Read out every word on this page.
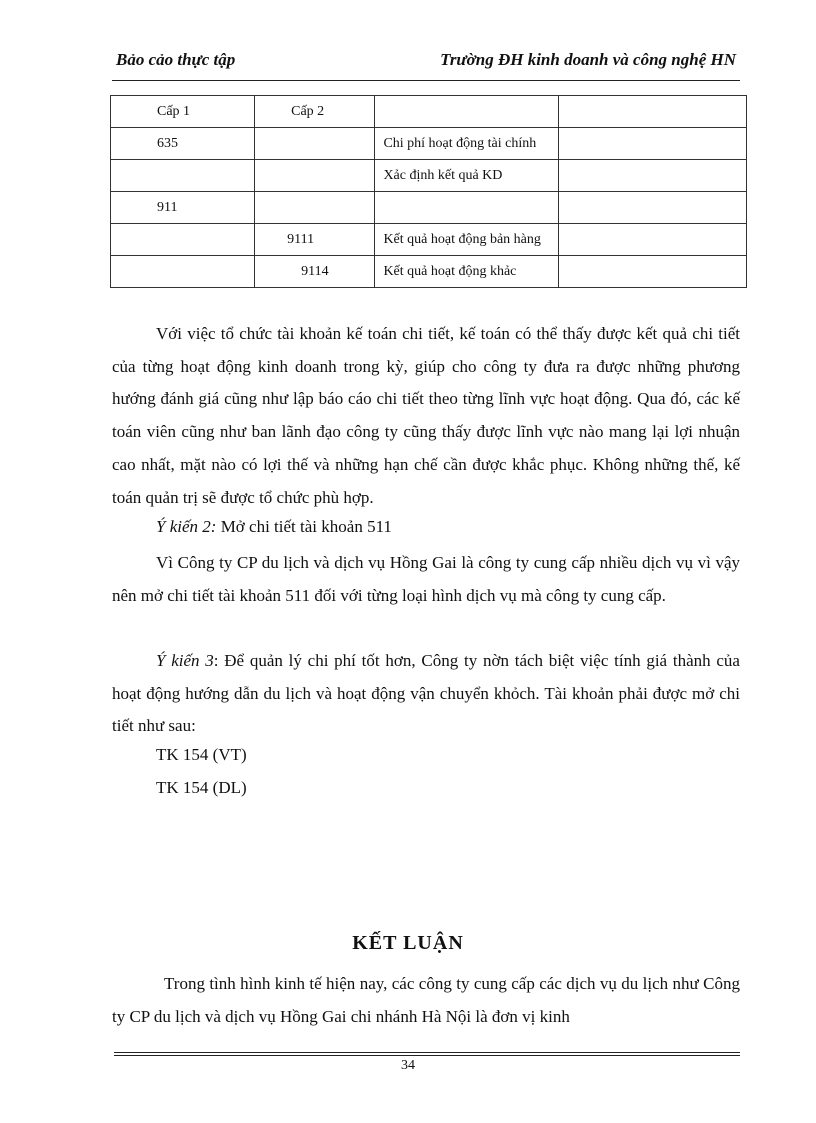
Bảo cảo thực tập	Trường ĐH kinh doanh và công nghệ HN
Cấp 1	Cấp 2		
635		Chi phí hoạt động tài chính	
		Xảc định kết quả KD	
911			
	9111	Kết quả hoạt động bản hàng	
	9114	Kết quả hoạt động khảc	

Với việc tổ chức tài khoản kế toán chi tiết, kế toán có thể thấy được kết quả chi tiết của từng hoạt động kinh doanh trong kỳ, giúp cho công ty đưa ra được những phương hướng đánh giá cũng như lập báo cáo chi tiết theo từng lĩnh vực hoạt động. Qua đó, các kế toán viên cũng như ban lãnh đạo công ty cũng thấy được lĩnh vực nào mang lại lợi nhuận cao nhất, mặt nào có lợi thế và những hạn chế cần được khắc phục. Không những thế, kế toán quản trị sẽ được tổ chức phù hợp.

Ý kiến 2: Mở chi tiết tài khoản 511

Vì Công ty CP du lịch và dịch vụ Hồng Gai là công ty cung cấp nhiều dịch vụ vì vậy nên mở chi tiết tài khoản 511 đối với từng loại hình dịch vụ mà công ty cung cấp.

Ý kiến 3: Để quản lý chi phí tốt hơn, Công ty nờn tách biệt việc tính giá thành của hoạt động hướng dẫn du lịch và hoạt động vận chuyển khỏch. Tài khoản phải được mở chi tiết như sau:

TK 154 (VT)
TK 154 (DL)
KẾT LUẬN

Trong tình hình kinh tế hiện nay, các công ty cung cấp các dịch vụ du lịch như Công ty CP du lịch và dịch vụ Hồng Gai chi nhánh Hà Nội là đơn vị kinh

34
